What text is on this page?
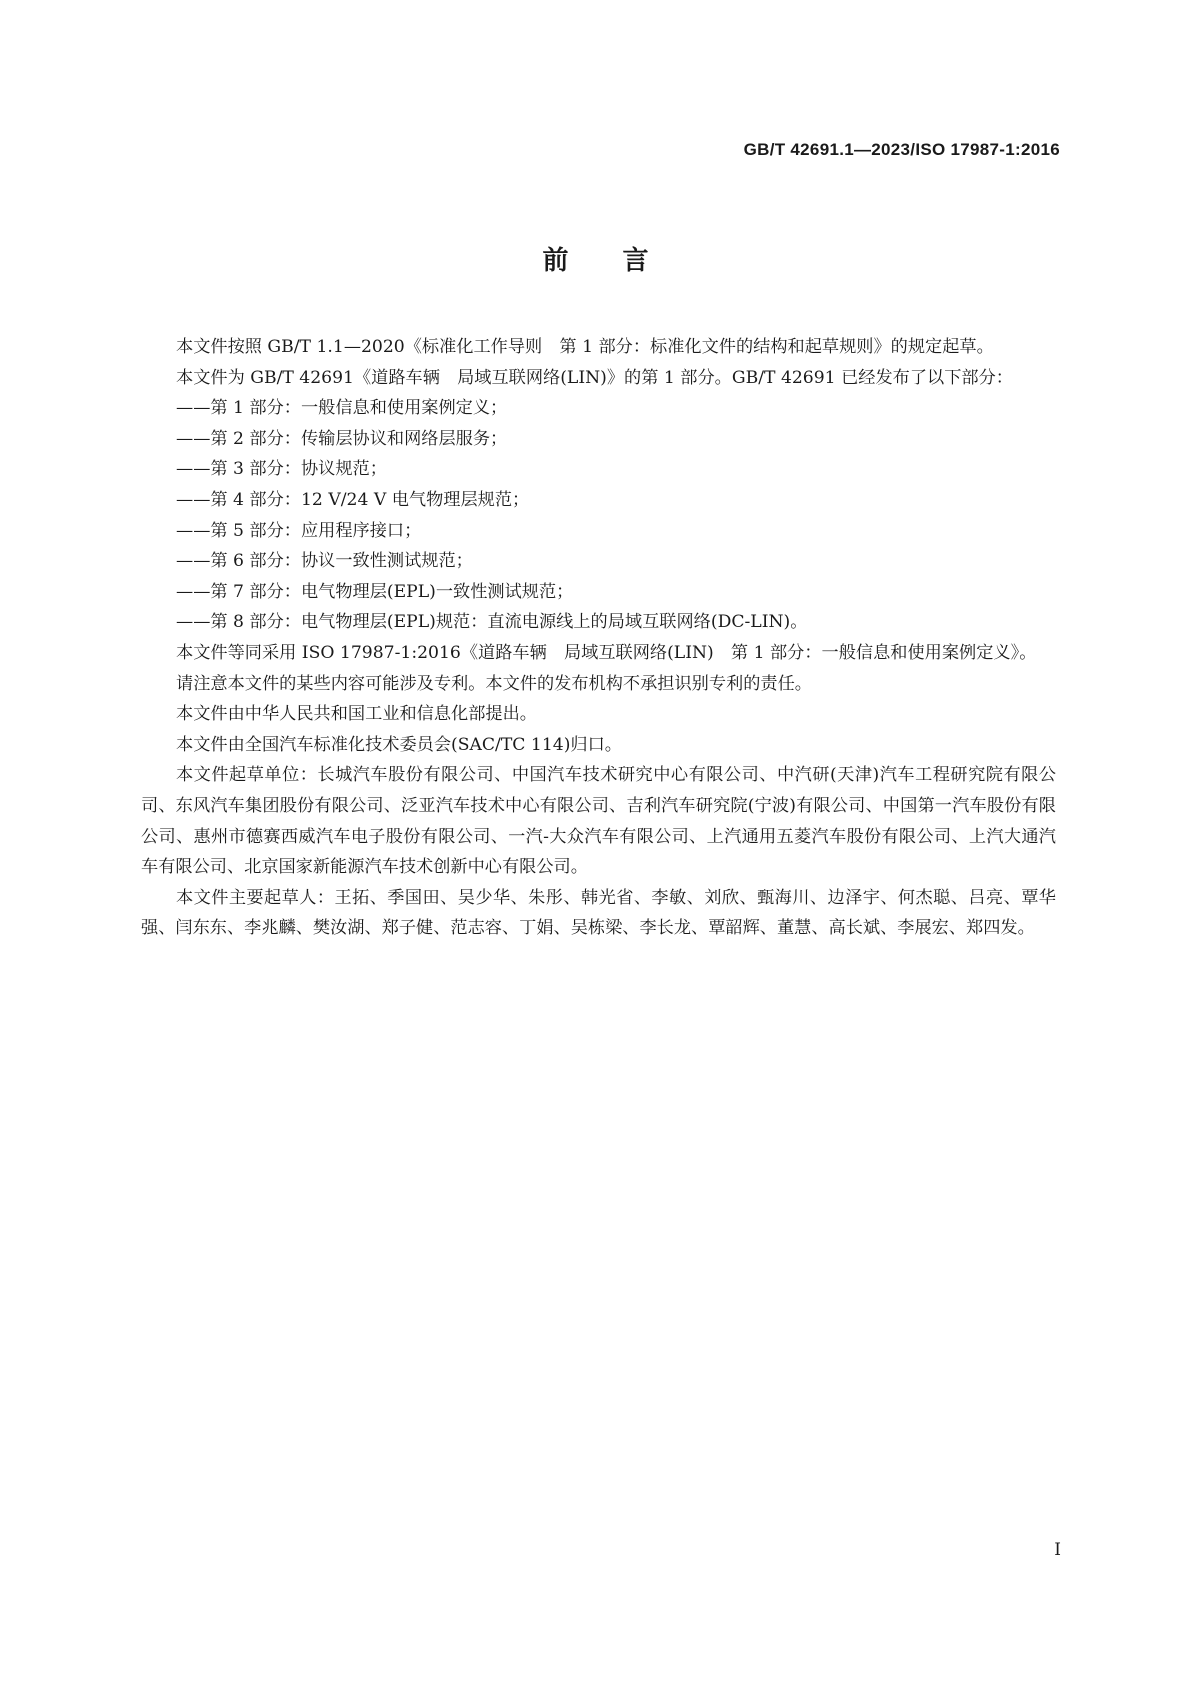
GB/T 42691.1—2023/ISO 17987-1:2016
前 言

本文件按照 GB/T 1.1—2020《标准化工作导则　第 1 部分：标准化文件的结构和起草规则》的规定起草。

本文件为 GB/T 42691《道路车辆　局域互联网络(LIN)》的第 1 部分。GB/T 42691 已经发布了以下部分：

——第 1 部分：一般信息和使用案例定义；
——第 2 部分：传输层协议和网络层服务；
——第 3 部分：协议规范；
——第 4 部分：12 V/24 V 电气物理层规范；
——第 5 部分：应用程序接口；
——第 6 部分：协议一致性测试规范；
——第 7 部分：电气物理层(EPL)一致性测试规范；
——第 8 部分：电气物理层(EPL)规范：直流电源线上的局域互联网络(DC-LIN)。

本文件等同采用 ISO 17987-1:2016《道路车辆　局域互联网络(LIN)　第 1 部分：一般信息和使用案例定义》。

请注意本文件的某些内容可能涉及专利。本文件的发布机构不承担识别专利的责任。

本文件由中华人民共和国工业和信息化部提出。

本文件由全国汽车标准化技术委员会(SAC/TC 114)归口。

本文件起草单位：长城汽车股份有限公司、中国汽车技术研究中心有限公司、中汽研(天津)汽车工程研究院有限公司、东风汽车集团股份有限公司、泛亚汽车技术中心有限公司、吉利汽车研究院(宁波)有限公司、中国第一汽车股份有限公司、惠州市德赛西威汽车电子股份有限公司、一汽-大众汽车有限公司、上汽通用五菱汽车股份有限公司、上汽大通汽车有限公司、北京国家新能源汽车技术创新中心有限公司。

本文件主要起草人：王拓、季国田、吴少华、朱彤、韩光省、李敏、刘欣、甄海川、边泽宇、何杰聪、吕亮、覃华强、闫东东、李兆麟、樊汝湖、郑子健、范志容、丁娟、吴栋梁、李长龙、覃韶辉、董慧、高长斌、李展宏、郑四发。

I
